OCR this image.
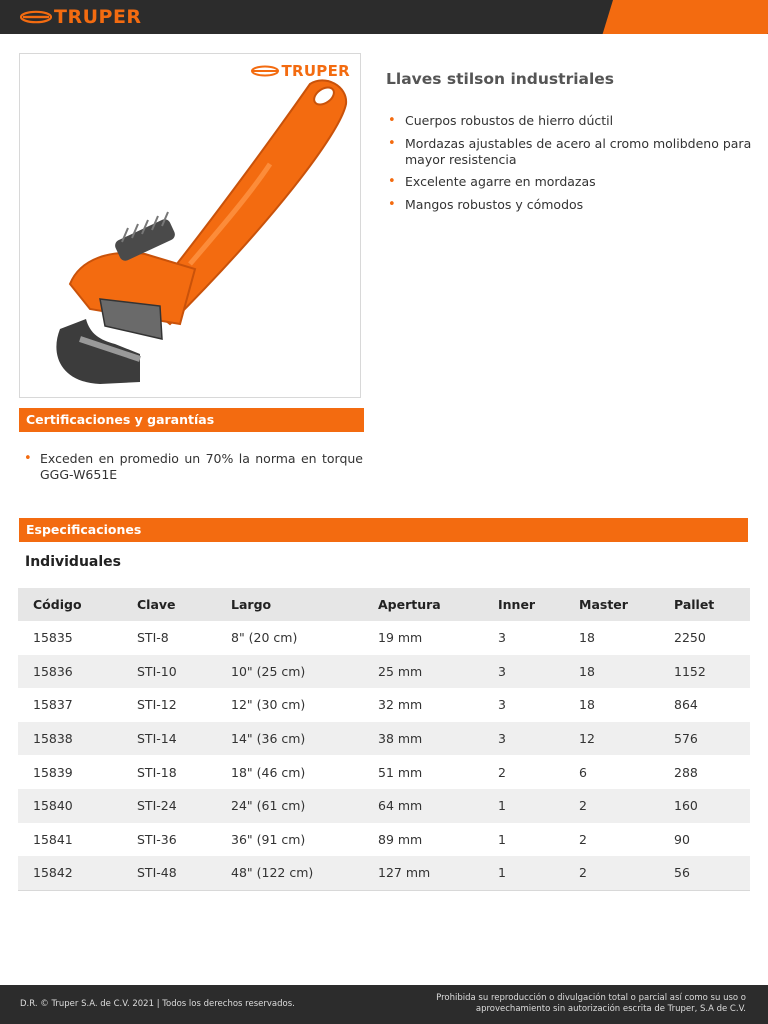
TRUPER
TRUPER Llaves stilson industriales
• Cuerpos robustos de hierro dúctil
• Mordazas ajustables de acero al cromo molibdeno para mayor resistencia
• Excelente agarre en mordazas
• Mangos robustos y cómodos
Certificaciones y garantías
• Exceden en promedio un 70% la norma en torque GGG-W651E
Especificaciones
Individuales
Código	Clave	Largo	Apertura	Inner	Master	Pallet
15835	STI-8	8" (20 cm)	19 mm	3	18	2250
15836	STI-10	10" (25 cm)	25 mm	3	18	1152
15837	STI-12	12" (30 cm)	32 mm	3	18	864
15838	STI-14	14" (36 cm)	38 mm	3	12	576
15839	STI-18	18" (46 cm)	51 mm	2	6	288
15840	STI-24	24" (61 cm)	64 mm	1	2	160
15841	STI-36	36" (91 cm)	89 mm	1	2	90
15842	STI-48	48" (122 cm)	127 mm	1	2	56
D.R. © Truper S.A. de C.V. 2021 | Todos los derechos reservados.
Prohibida su reproducción o divulgación total o parcial así como su uso o
aprovechamiento sin autorización escrita de Truper, S.A de C.V.
